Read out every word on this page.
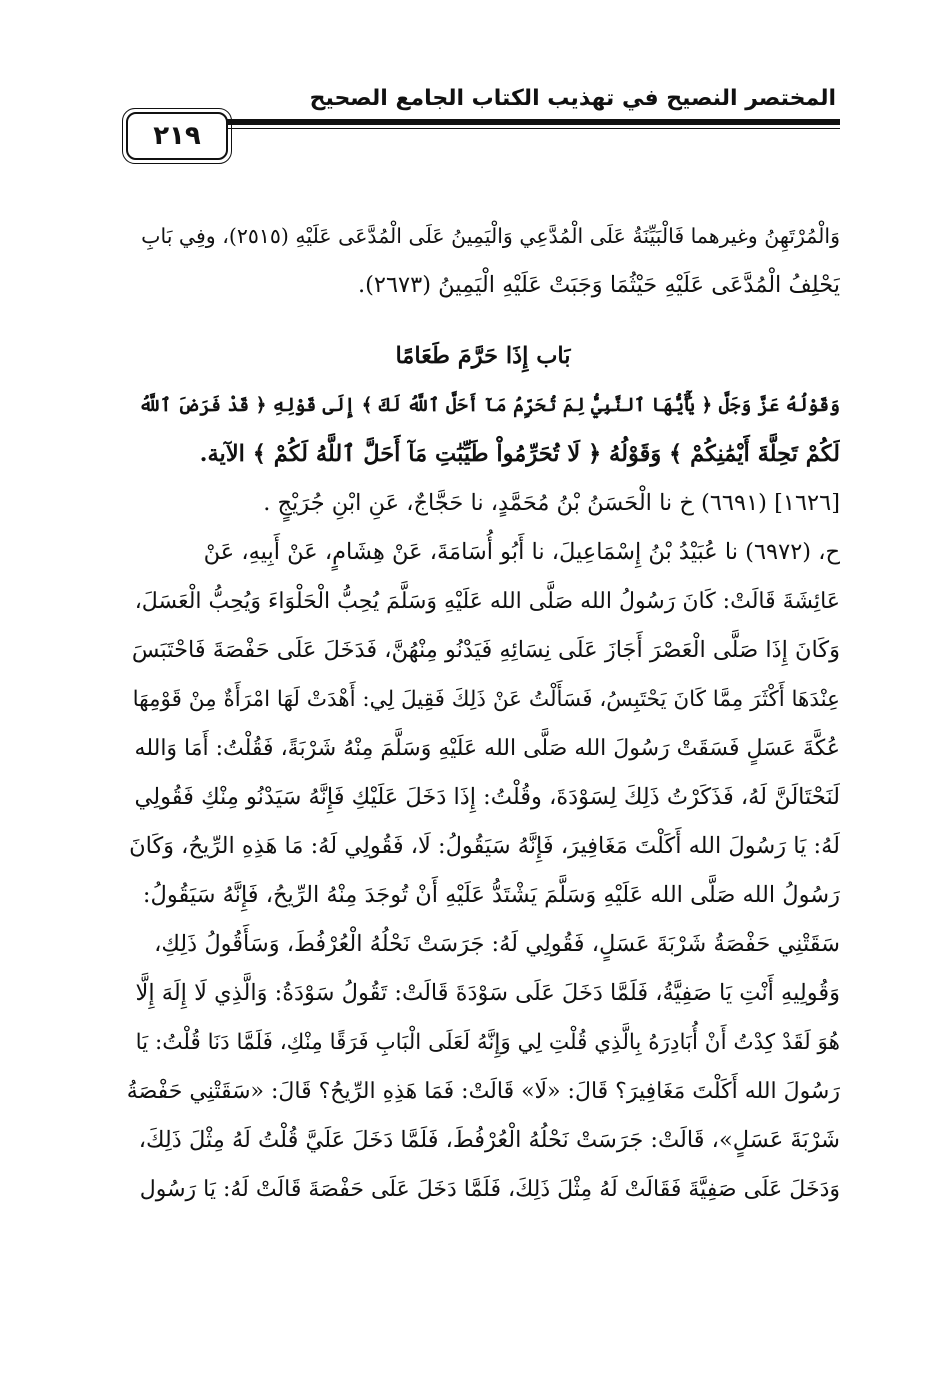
المختصر النصيح في تهذيب الكتاب الجامع الصحيح
٢١٩
وَالْمُرْتَهِنُ وغيرهما فَالْبَيِّنَةُ عَلَى الْمُدَّعِي وَالْيَمِينُ عَلَى الْمُدَّعَى عَلَيْهِ (٢٥١٥)، وفِي بَابِ
يَحْلِفُ الْمُدَّعَى عَلَيْهِ حَيْثُمَا وَجَبَتْ عَلَيْهِ الْيَمِينُ (٢٦٧٣).
بَاب إِذَا حَرَّمَ طَعَامًا
وَقَوْلُهُ عَزَّ وَجَلَّ ﴿ يَٰٓأَيُّهَا ٱلنَّبِيُّ لِمَ تُحَرِّمُ مَآ أَحَلَّ ٱللَّهُ لَكَ ﴾ إِلَى قَوْلِهِ ﴿ قَدْ فَرَضَ ٱللَّهُ
لَكُمْ تَحِلَّةَ أَيْمَٰنِكُمْ ﴾ وَقَوْلُهُ ﴿ لَا تُحَرِّمُواْ طَيِّبَٰتِ مَآ أَحَلَّ ٱللَّهُ لَكُمْ ﴾ الآية.
[١٦٢٦] (٦٦٩١) خ نا الْحَسَنُ بْنُ مُحَمَّدٍ، نا حَجَّاجٌ، عَنِ ابْنِ جُرَيْجٍ .
ح، (٦٩٧٢) نا عُبَيْدُ بْنُ إِسْمَاعِيلَ، نا أَبُو أُسَامَةَ، عَنْ هِشَامٍ، عَنْ أَبِيهِ، عَنْ
عَائِشَةَ قَالَتْ: كَانَ رَسُولُ الله صَلَّى الله عَلَيْهِ وَسَلَّمَ يُحِبُّ الْحَلْوَاءَ وَيُحِبُّ الْعَسَلَ،
وَكَانَ إِذَا صَلَّى الْعَصْرَ أَجَازَ عَلَى نِسَائِهِ فَيَدْنُو مِنْهُنَّ، فَدَخَلَ عَلَى حَفْصَةَ فَاحْتَبَسَ
عِنْدَهَا أَكْثَرَ مِمَّا كَانَ يَحْتَبِسُ، فَسَأَلْتُ عَنْ ذَلِكَ فَقِيلَ لِي: أَهْدَتْ لَهَا امْرَأَةٌ مِنْ قَوْمِهَا
عُكَّةَ عَسَلٍ فَسَقَتْ رَسُولَ الله صَلَّى الله عَلَيْهِ وَسَلَّمَ مِنْهُ شَرْبَةً، فَقُلْتُ: أَمَا وَالله
لَنَحْتَالَنَّ لَهُ، فَذَكَرْتُ ذَلِكَ لِسَوْدَةَ، وقُلْتُ: إِذَا دَخَلَ عَلَيْكِ فَإِنَّهُ سَيَدْنُو مِنْكِ فَقُولِي
لَهُ: يَا رَسُولَ الله أَكَلْتَ مَغَافِيرَ، فَإِنَّهُ سَيَقُولُ: لَا، فَقُولِي لَهُ: مَا هَذِهِ الرِّيحُ، وَكَانَ
رَسُولُ الله صَلَّى الله عَلَيْهِ وَسَلَّمَ يَشْتَدُّ عَلَيْهِ أَنْ تُوجَدَ مِنْهُ الرِّيحُ، فَإِنَّهُ سَيَقُولُ:
سَقَتْنِي حَفْصَةُ شَرْبَةَ عَسَلٍ، فَقُولِي لَهُ: جَرَسَتْ نَحْلُهُ الْعُرْفُطَ، وَسَأَقُولُ ذَلِكِ،
وَقُولِيهِ أَنْتِ يَا صَفِيَّةُ، فَلَمَّا دَخَلَ عَلَى سَوْدَةَ قَالَتْ: تَقُولُ سَوْدَةُ: وَالَّذِي لَا إِلَهَ إِلَّا
هُوَ لَقَدْ كِدْتُ أَنْ أُبَادِرَهُ بِالَّذِي قُلْتِ لِي وَإِنَّهُ لَعَلَى الْبَابِ فَرَقًا مِنْكِ، فَلَمَّا دَنَا قُلْتُ: يَا
رَسُولَ الله أَكَلْتَ مَغَافِيرَ؟ قَالَ: «لَا» قَالَتْ: فَمَا هَذِهِ الرِّيحُ؟ قَالَ: «سَقَتْنِي حَفْصَةُ
شَرْبَةَ عَسَلٍ»، قَالَتْ: جَرَسَتْ نَحْلُهُ الْعُرْفُطَ، فَلَمَّا دَخَلَ عَلَيَّ قُلْتُ لَهُ مِثْلَ ذَلِكَ،
وَدَخَلَ عَلَى صَفِيَّةَ فَقَالَتْ لَهُ مِثْلَ ذَلِكَ، فَلَمَّا دَخَلَ عَلَى حَفْصَةَ قَالَتْ لَهُ: يَا رَسُول
